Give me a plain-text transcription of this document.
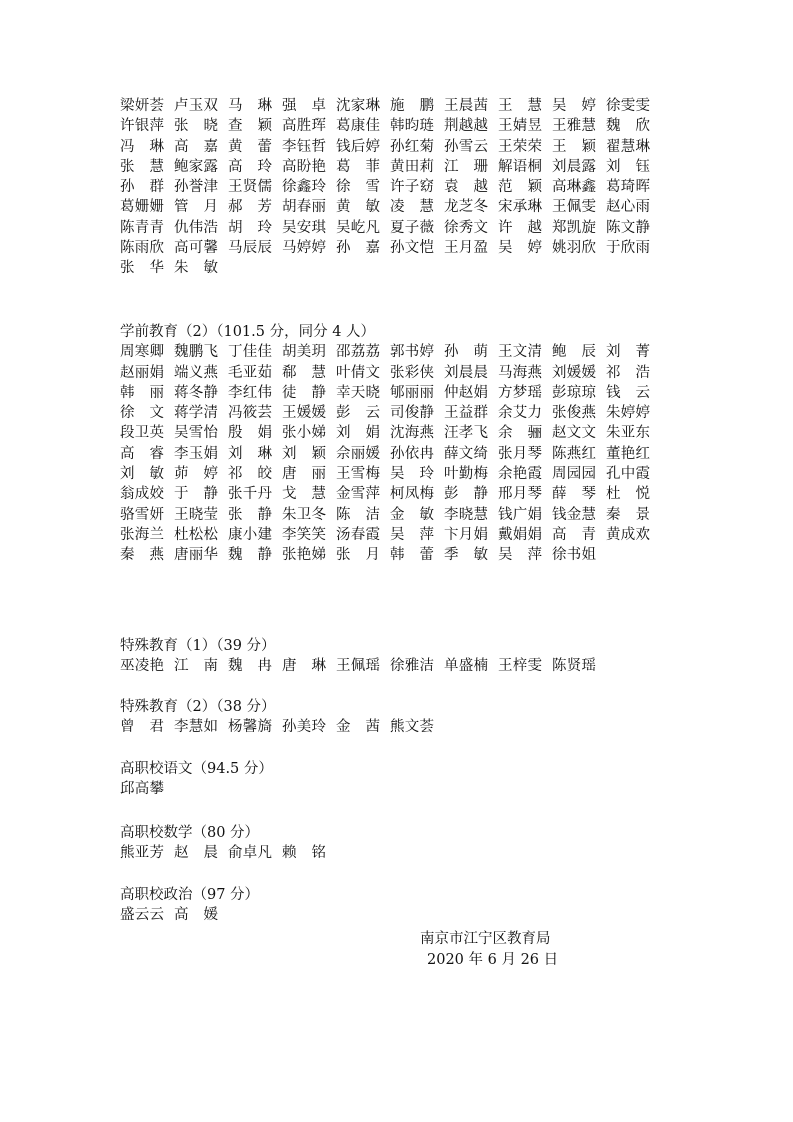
梁妍荟 卢玉双 马　琳 强　卓 沈家琳 施　鹏 王晨茜 王　慧 吴　婷 徐雯雯
许银萍 张　晓 查　颖 高胜珲 葛康佳 韩昀琏 荆越越 王婧昱 王雅慧 魏　欣
冯　琳 高　嘉 黄　蕾 李钰哲 钱后婷 孙红菊 孙雪云 王荣荣 王　颖 翟慧琳
张　慧 鲍家露 高　玲 高盼艳 葛　菲 黄田莉 江　珊 解语桐 刘晨露 刘　钰
孙　群 孙誉津 王贤儒 徐鑫玲 徐　雪 许子窈 袁　越 范　颖 高琳鑫 葛琦晖
葛姗姗 管　月 郝　芳 胡春丽 黄　敏 凌　慧 龙芝冬 宋承琳 王佩雯 赵心雨
陈青青 仇伟浩 胡　玲 吴安琪 吴屹凡 夏子薇 徐秀文 许　越 郑凯旋 陈文静
陈雨欣 高可馨 马辰辰 马婷婷 孙　嘉 孙文恺 王月盈 吴　婷 姚羽欣 于欣雨
张　华 朱　敏
学前教育（2）（101.5 分，同分 4 人）
周寒卿 魏鹏飞 丁佳佳 胡美玥 邵荔荔 郭书婷 孙　萌 王文清 鲍　辰 刘　菁
赵丽娟 端义燕 毛亚茹 郗　慧 叶倩文 张彩侠 刘晨晨 马海燕 刘媛媛 祁　浩
韩　丽 蒋冬静 李红伟 徒　静 幸天晓 郇丽丽 仲赵娟 方梦瑶 彭琼琼 钱　云
徐　文 蒋学清 冯筱芸 王媛媛 彭　云 司俊静 王益群 余艾力 张俊燕 朱婷婷
段卫英 吴雪怡 殷　娟 张小娣 刘　娟 沈海燕 汪孝飞 余　骊 赵文文 朱亚东
高　睿 李玉娟 刘　琳 刘　颖 佘丽媛 孙依冉 薛文绮 张月琴 陈燕红 董艳红
刘　敏 茆　婷 祁　皎 唐　丽 王雪梅 吴　玲 叶勤梅 余艳霞 周园园 孔中霞
翁成姣 于　静 张千丹 戈　慧 金雪萍 柯凤梅 彭　静 邢月琴 薛　琴 杜　悦
骆雪妍 王晓莹 张　静 朱卫冬 陈　洁 金　敏 李晓慧 钱广娟 钱金慧 秦　景
张海兰 杜松松 康小建 李笑笑 汤春霞 吴　萍 卞月娟 戴娟娟 高　青 黄成欢
秦　燕 唐丽华 魏　静 张艳娣 张　月 韩　蕾 季　敏 吴　萍 徐书姐
特殊教育（1）（39 分）
巫凌艳 江　南 魏　冉 唐　琳 王佩瑶 徐雅洁 单盛楠 王梓雯 陈贤瑶
特殊教育（2）（38 分）
曾　君 李慧如 杨馨旖 孙美玲 金　茜 熊文荟
高职校语文（94.5 分）
邱高攀
高职校数学（80 分）
熊亚芳 赵　晨 俞卓凡 赖　铭
高职校政治（97 分）
盛云云 高　媛
南京市江宁区教育局
2020 年 6 月 26 日
